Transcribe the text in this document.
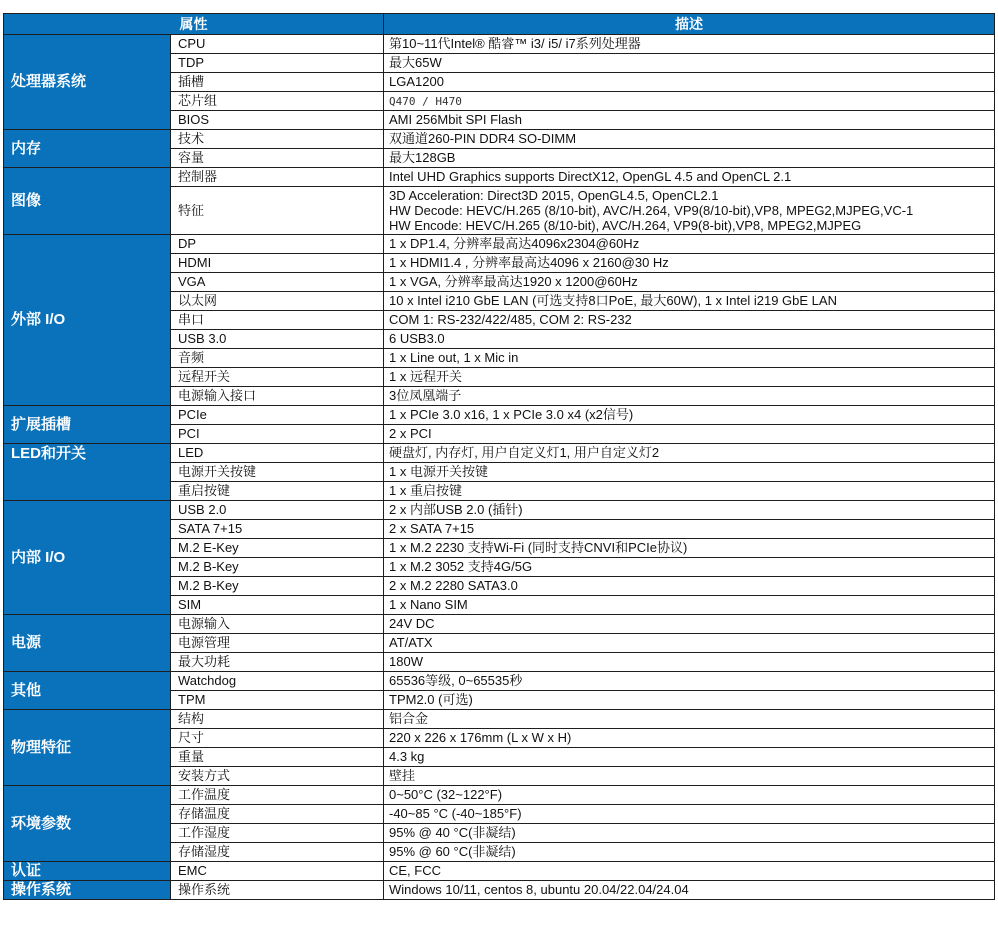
属性		描述
处理器系统	CPU	第10~11代Intel® 酷睿™ i3/ i5/ i7系列处理器
	TDP	最大65W
	插槽	LGA1200
	芯片组	Q470 / H470
	BIOS	AMI 256Mbit SPI Flash
内存	技术	双通道260-PIN DDR4 SO-DIMM
	容量	最大128GB
图像	控制器	Intel UHD Graphics supports DirectX12, OpenGL 4.5 and OpenCL 2.1
	特征	3D Acceleration: Direct3D 2015, OpenGL4.5, OpenCL2.1
HW Decode: HEVC/H.265 (8/10-bit), AVC/H.264, VP9(8/10-bit),VP8, MPEG2,MJPEG,VC-1
HW Encode: HEVC/H.265 (8/10-bit), AVC/H.264, VP9(8-bit),VP8, MPEG2,MJPEG

外部 I/O	DP	1 x DP1.4, 分辨率最高达4096x2304@60Hz
	HDMI	1 x HDMI1.4 , 分辨率最高达4096 x 2160@30 Hz
	VGA	1 x VGA, 分辨率最高达1920 x 1200@60Hz
	以太网	10 x Intel i210 GbE LAN (可选支持8口PoE, 最大60W), 1 x Intel i219 GbE LAN
	串口	COM 1: RS-232/422/485, COM 2: RS-232
	USB 3.0	6 USB3.0
	音频	1 x Line out, 1 x Mic in
	远程开关	1 x 远程开关
	电源输入接口	3位凤凰端子
扩展插槽	PCIe	1 x PCIe 3.0 x16, 1 x PCIe 3.0 x4 (x2信号)
	PCI	2 x PCI
LED和开关	LED	硬盘灯, 内存灯, 用户自定义灯1, 用户自定义灯2
	电源开关按键	1 x 电源开关按键
	重启按键	1 x 重启按键
内部 I/O	USB 2.0	2 x 内部USB 2.0 (插针)
	SATA 7+15	2 x SATA 7+15
	M.2 E-Key	1 x M.2 2230 支持Wi-Fi (同时支持CNVI和PCIe协议)
	M.2 B-Key	1 x M.2 3052 支持4G/5G
	M.2 B-Key	2 x M.2 2280 SATA3.0
	SIM	1 x Nano SIM
电源	电源输入	24V DC
	电源管理	AT/ATX
	最大功耗	180W
其他	Watchdog	65536等级, 0~65535秒
	TPM	TPM2.0 (可选)
物理特征	结构	铝合金
	尺寸	220 x 226 x 176mm (L x W x H)
	重量	4.3 kg
	安装方式	壁挂
环境参数	工作温度	0~50°C (32~122°F)
	存储温度	-40~85 °C (-40~185°F)
	工作湿度	95% @ 40 °C(非凝结)
	存储湿度	95% @ 60 °C(非凝结)
认证	EMC	CE, FCC
操作系统	操作系统	Windows 10/11, centos 8, ubuntu 20.04/22.04/24.04
